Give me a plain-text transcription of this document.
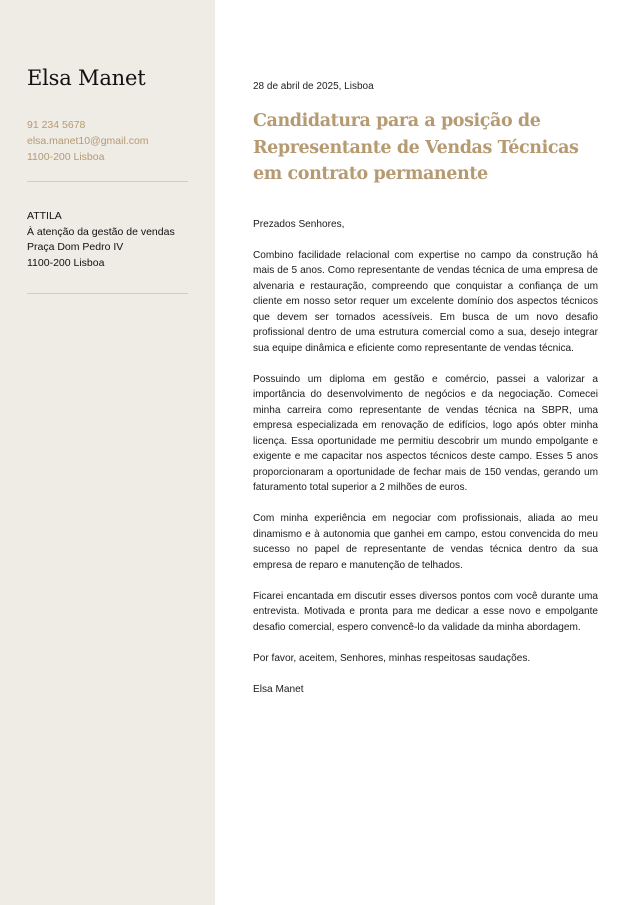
Elsa Manet
91 234 5678
elsa.manet10@gmail.com
1100-200 Lisboa
ATTILA
À atenção da gestão de vendas
Praça Dom Pedro IV
1100-200 Lisboa
28 de abril de 2025, Lisboa
Candidatura para a posição de Representante de Vendas Técnicas em contrato permanente

Prezados Senhores,

Combino facilidade relacional com expertise no campo da construção há mais de 5 anos. Como representante de vendas técnica de uma empresa de alvenaria e restauração, compreendo que conquistar a confiança de um cliente em nosso setor requer um excelente domínio dos aspectos técnicos que devem ser tornados acessíveis. Em busca de um novo desafio profissional dentro de uma estrutura comercial como a sua, desejo integrar sua equipe dinâmica e eficiente como representante de vendas técnica.

Possuindo um diploma em gestão e comércio, passei a valorizar a importância do desenvolvimento de negócios e da negociação. Comecei minha carreira como representante de vendas técnica na SBPR, uma empresa especializada em renovação de edifícios, logo após obter minha licença. Essa oportunidade me permitiu descobrir um mundo empolgante e exigente e me capacitar nos aspectos técnicos deste campo. Esses 5 anos proporcionaram a oportunidade de fechar mais de 150 vendas, gerando um faturamento total superior a 2 milhões de euros.

Com minha experiência em negociar com profissionais, aliada ao meu dinamismo e à autonomia que ganhei em campo, estou convencida do meu sucesso no papel de representante de vendas técnica dentro da sua empresa de reparo e manutenção de telhados.

Ficarei encantada em discutir esses diversos pontos com você durante uma entrevista. Motivada e pronta para me dedicar a esse novo e empolgante desafio comercial, espero convencê-lo da validade da minha abordagem.

Por favor, aceitem, Senhores, minhas respeitosas saudações.

Elsa Manet
